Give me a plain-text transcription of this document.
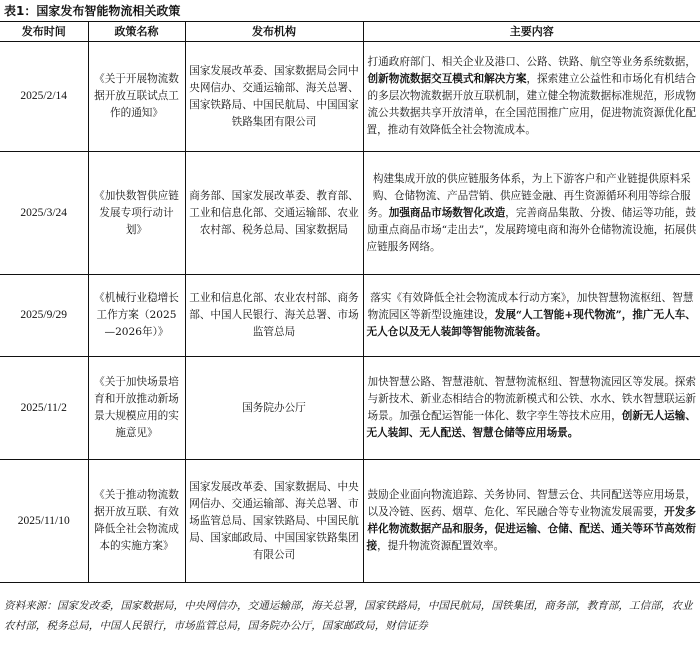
表1：国家发布智能物流相关政策
发布时间	政策名称	发布机构	主要内容
2025/2/14	《关于开展物流数据开放互联试点工作的通知》	国家发展改革委、国家数据局会同中央网信办、交通运输部、海关总署、国家铁路局、中国民航局、中国国家铁路集团有限公司	打通政府部门、相关企业及港口、公路、铁路、航空等业务系统数据，创新物流数据交互模式和解决方案，探索建立公益性和市场化有机结合的多层次物流数据开放互联机制，建立健全物流数据标准规范，形成物流公共数据共享开放清单，在全国范围推广应用，促进物流资源优化配置，推动有效降低全社会物流成本。
2025/3/24	《加快数智供应链发展专项行动计划》	商务部、国家发展改革委、教育部、工业和信息化部、交通运输部、农业农村部、税务总局、国家数据局	构建集成开放的供应链服务体系，为上下游客户和产业链提供原料采购、仓储物流、产品营销、供应链金融、再生资源循环利用等综合服务。加强商品市场数智化改造，完善商品集散、分拨、储运等功能，鼓励重点商品市场“走出去”，发展跨境电商和海外仓储物流设施，拓展供应链服务网络。
2025/9/29	《机械行业稳增长工作方案（2025—2026年）》	工业和信息化部、农业农村部、商务部、中国人民银行、海关总署、市场监管总局	落实《有效降低全社会物流成本行动方案》，加快智慧物流枢纽、智慧物流园区等新型设施建设，发展“人工智能+现代物流”，推广无人车、无人仓以及无人装卸等智能物流装备。
2025/11/2	《关于加快场景培育和开放推动新场景大规模应用的实施意见》	国务院办公厅	加快智慧公路、智慧港航、智慧物流枢纽、智慧物流园区等发展。探索与新技术、新业态相结合的物流新模式和公铁、水水、铁水智慧联运新场景。加强仓配运智能一体化、数字孪生等技术应用，创新无人运输、无人装卸、无人配送、智慧仓储等应用场景。
2025/11/10	《关于推动物流数据开放互联、有效降低全社会物流成本的实施方案》	国家发展改革委、国家数据局、中央网信办、交通运输部、海关总署、市场监管总局、国家铁路局、中国民航局、国家邮政局、中国国家铁路集团有限公司	鼓励企业面向物流追踪、关务协同、智慧云仓、共同配送等应用场景，以及冷链、医药、烟草、危化、军民融合等专业物流发展需要，开发多样化物流数据产品和服务，促进运输、仓储、配送、通关等环节高效衔接，提升物流资源配置效率。
资料来源：国家发改委，国家数据局，中央网信办，交通运输部，海关总署，国家铁路局，中国民航局，国铁集团，商务部，教育部，工信部，农业农村部，税务总局，中国人民银行，市场监管总局，国务院办公厅，国家邮政局，财信证券
